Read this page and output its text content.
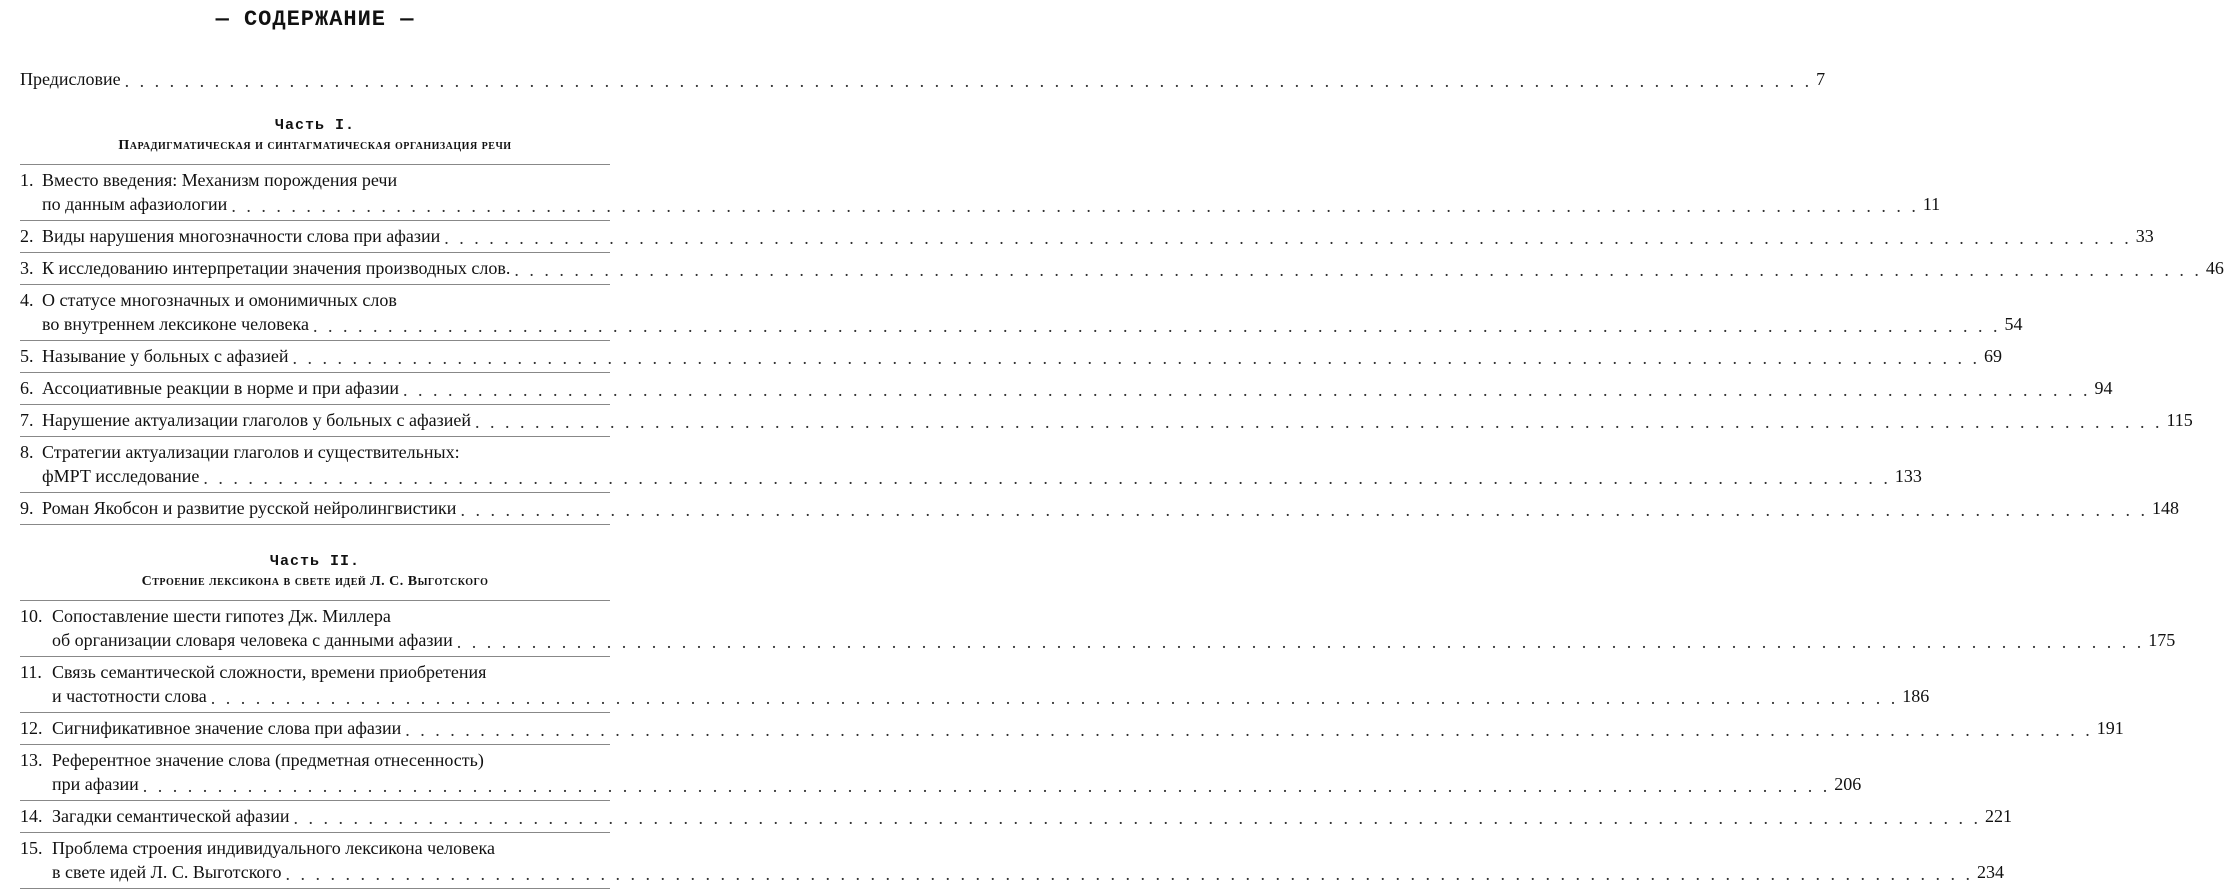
— СОДЕРЖАНИЕ —
Предисловие . . .	7
Часть I.
Парадигматическая и синтагматическая организация речи
1. Вместо введения: Механизм порождения речи
по данным афазиологии . . .	11
2. Виды нарушения многозначности слова при афазии . . .	33
3. К исследованию интерпретации значения производных слов. . . .	46
4. О статусе многозначных и омонимичных слов
во внутреннем лексиконе человека . . .	54
5. Называние у больных с афазией . . .	69
6. Ассоциативные реакции в норме и при афазии . . .	94
7. Нарушение актуализации глаголов у больных с афазией . . .	115
8. Стратегии актуализации глаголов и существительных:
фМРТ исследование . . .	133
9. Роман Якобсон и развитие русской нейролингвистики . . .	148
Часть II.
Строение лексикона в свете идей Л. С. Выготского
10. Сопоставление шести гипотез Дж. Миллера
об организации словаря человека с данными афазии . . .	175
11. Связь семантической сложности, времени приобретения
и частотности слова . . .	186
12. Сигнификативное значение слова при афазии . . .	191
13. Референтное значение слова (предметная отнесенность)
при афазии . . .	206
14. Загадки семантической афазии . . .	221
15. Проблема строения индивидуального лексикона человека
в свете идей Л. С. Выготского . . .	234
